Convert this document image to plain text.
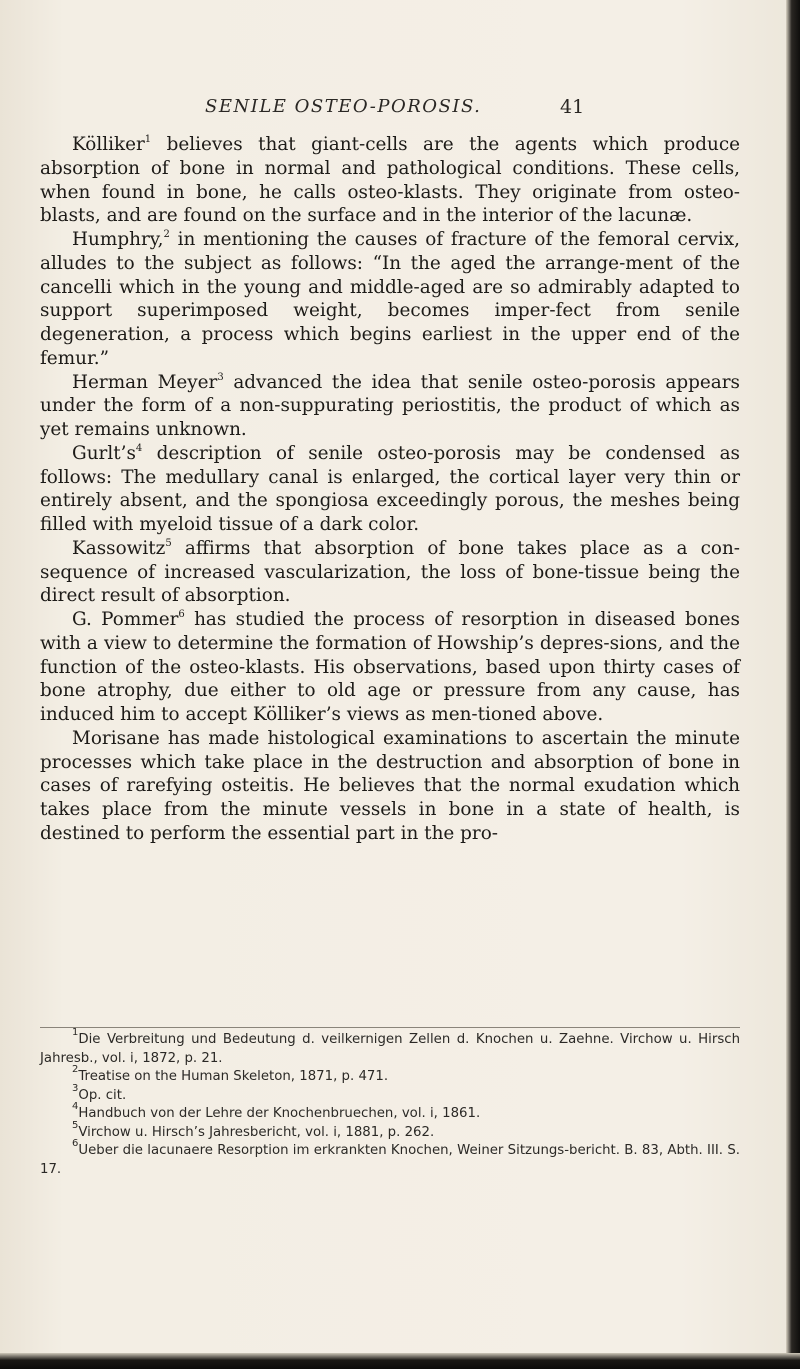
SENILE OSTEO-POROSIS.	41

Kölliker$^1$ believes that giant-cells are the agents which produce absorption of bone in normal and pathological conditions. These cells, when found in bone, he calls osteo-klasts. They originate from osteo-blasts, and are found on the surface and in the interior of the lacunæ.

Humphry,$^2$ in mentioning the causes of fracture of the femoral cervix, alludes to the subject as follows: “In the aged the arrange-ment of the cancelli which in the young and middle-aged are so admirably adapted to support superimposed weight, becomes imper-fect from senile degeneration, a process which begins earliest in the upper end of the femur.”

Herman Meyer$^3$ advanced the idea that senile osteo-porosis appears under the form of a non-suppurating periostitis, the product of which as yet remains unknown.

$Gurlt’s^4$ description of senile osteo-porosis may be condensed as follows: The medullary canal is enlarged, the cortical layer very thin or entirely absent, and the spongiosa exceedingly porous, the meshes being filled with myeloid tissue of a dark color.

Kassowitz$^5$ affirms that absorption of bone takes place as a con-sequence of increased vascularization, the loss of bone-tissue being the direct result of absorption.

G. Pommer$^6$ has studied the process of resorption in diseased bones with a view to determine the formation of Howship’s depres-sions, and the function of the osteo-klasts. His observations, based upon thirty cases of bone atrophy, due either to old age or pressure from any cause, has induced him to accept Kölliker’s views as men-tioned above.

Morisane has made histological examinations to ascertain the minute processes which take place in the destruction and absorption of bone in cases of rarefying osteitis. He believes that the normal exudation which takes place from the minute vessels in bone in a state of health, is destined to perform the essential part in the pro-

$^1$Die Verbreitung und Bedeutung d. veilkernigen Zellen d. Knochen u. Zaehne. Virchow u. Hirsch Jahresb., vol. i, 1872, p. 21.

$^2$Treatise on the Human Skeleton, 1871, p. 471.

$^3$Op. cit.

$^4$Handbuch von der Lehre der Knochenbruechen, vol. i, 1861.

$^5$Virchow u. Hirsch’s Jahresbericht, vol. i, 1881, p. 262.

$^6$Ueber die lacunaere Resorption im erkrankten Knochen, Weiner Sitzungs-bericht. B. 83, Abth. III. S. 17.
